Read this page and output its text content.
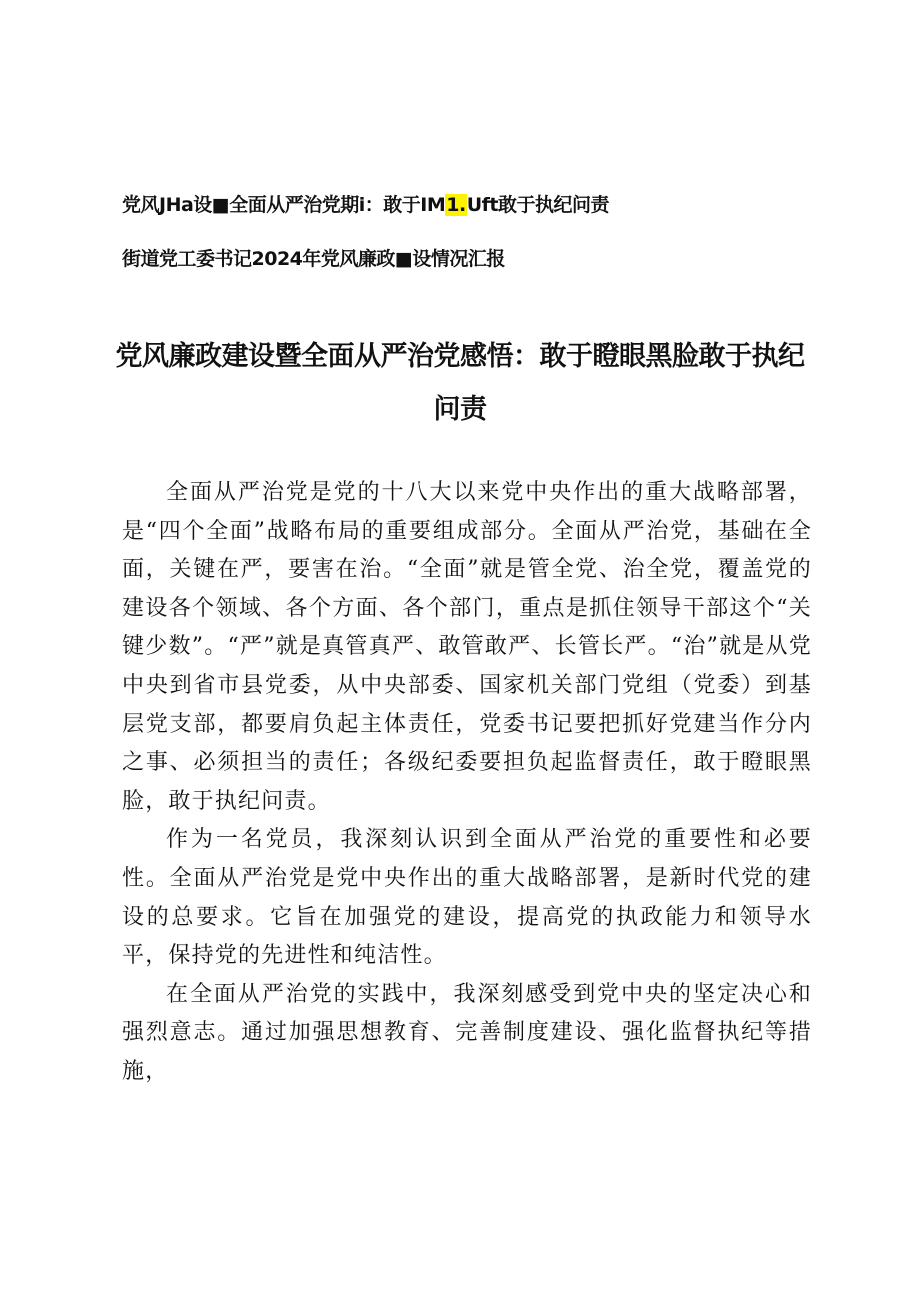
党风JHa设■全面从严治党期i：敢于IM1.Uft敢于执纪问责
街道党工委书记2024年党风廉政■设情况汇报
党风廉政建设暨全面从严治党感悟：敢于瞪眼黑脸敢于执纪问责

全面从严治党是党的十八大以来党中央作出的重大战略部署，是“四个全面”战略布局的重要组成部分。全面从严治党，基础在全面，关键在严，要害在治。“全面”就是管全党、治全党，覆盖党的建设各个领域、各个方面、各个部门，重点是抓住领导干部这个“关键少数”。“严”就是真管真严、敢管敢严、长管长严。“治”就是从党中央到省市县党委，从中央部委、国家机关部门党组（党委）到基层党支部，都要肩负起主体责任，党委书记要把抓好党建当作分内之事、必须担当的责任；各级纪委要担负起监督责任，敢于瞪眼黑脸，敢于执纪问责。

作为一名党员，我深刻认识到全面从严治党的重要性和必要性。全面从严治党是党中央作出的重大战略部署，是新时代党的建设的总要求。它旨在加强党的建设，提高党的执政能力和领导水平，保持党的先进性和纯洁性。

在全面从严治党的实践中，我深刻感受到党中央的坚定决心和强烈意志。通过加强思想教育、完善制度建设、强化监督执纪等措施，
